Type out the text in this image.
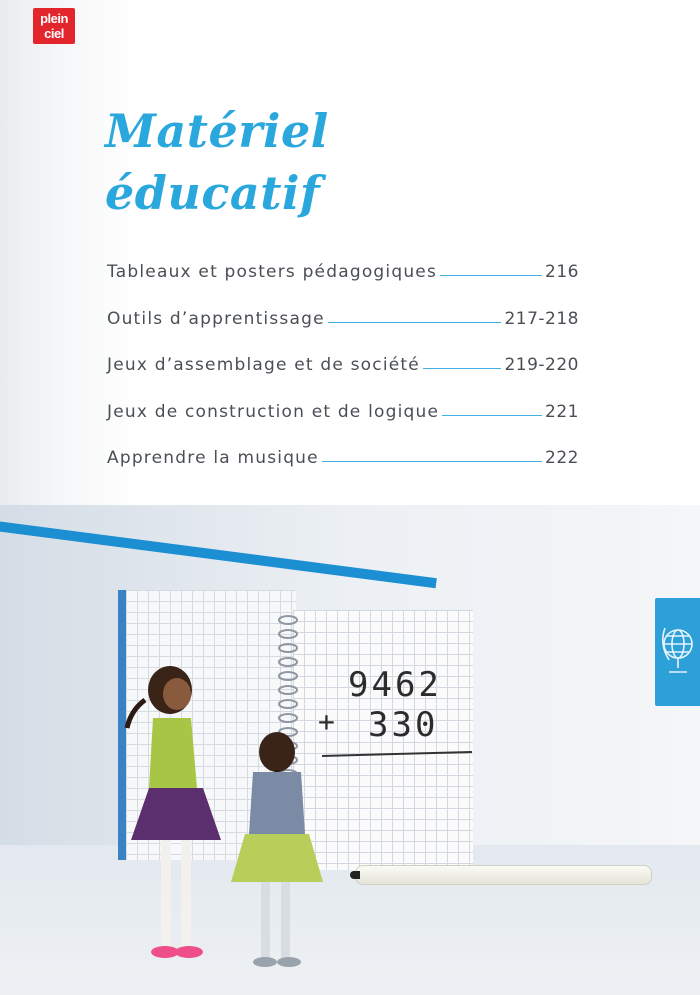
plein
ciel
Matériel
éducatif
Tableaux et posters pédagogiques	216
Outils d’apprentissage	217-218
Jeux d’assemblage et de société	219-220
Jeux de construction et de logique	221
Apprendre la musique	222
9462
+ 330
